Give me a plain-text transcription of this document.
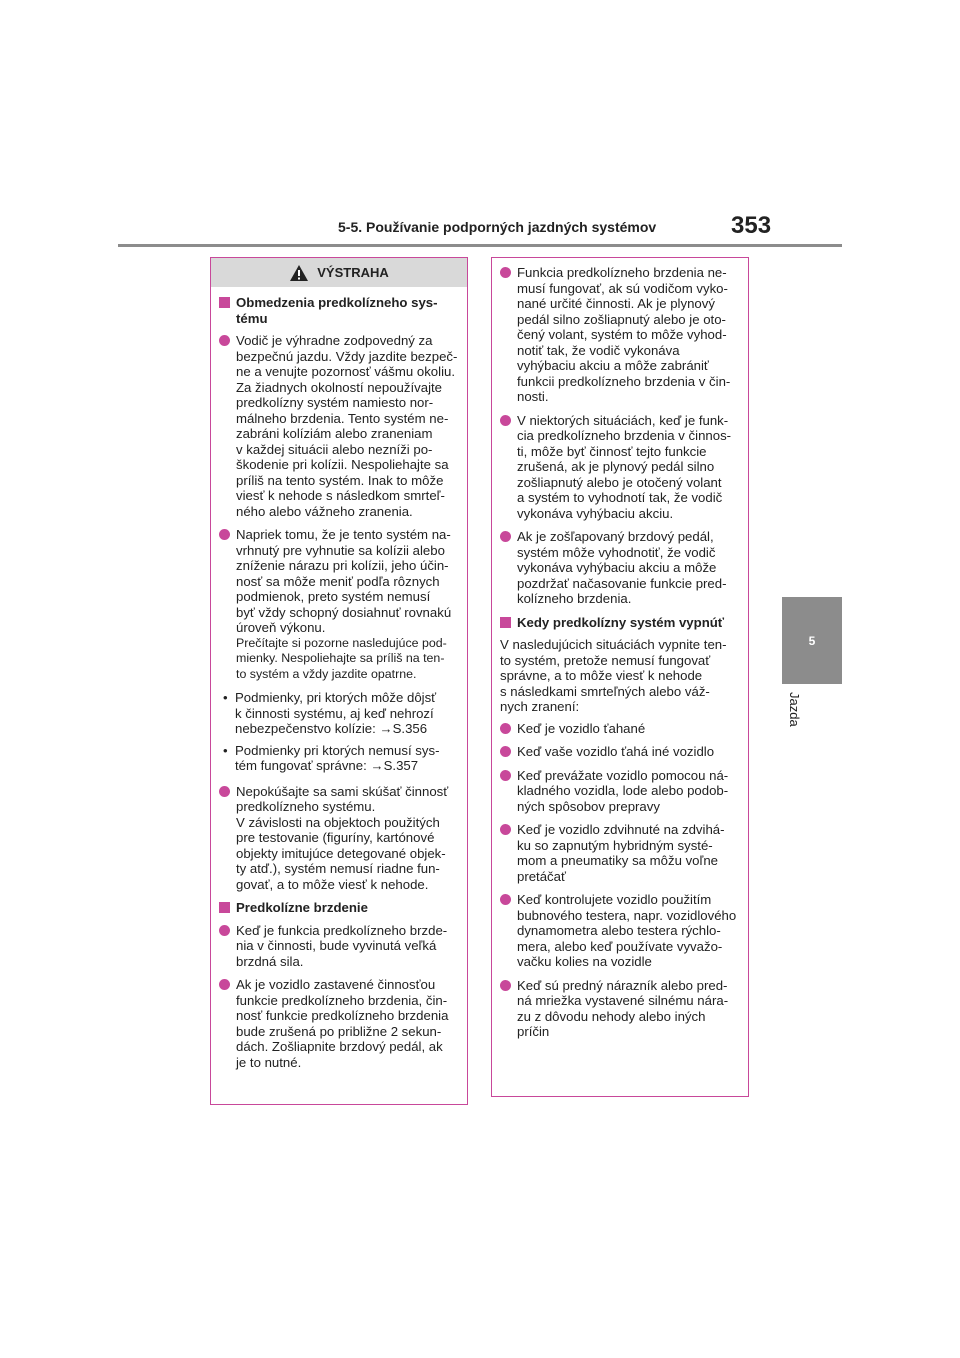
5-5. Používanie podporných jazdných systémov	353
5
Jazda
VÝSTRAHA
Obmedzenia predkolízneho sys-
tému
Vodič je výhradne zodpovedný za
bezpečnú jazdu. Vždy jazdite bezpeč-
ne a venujte pozornosť vášmu okoliu.
Za žiadnych okolností nepoužívajte
predkolízny systém namiesto nor-
málneho brzdenia. Tento systém ne-
zabráni kolíziám alebo zraneniam
v každej situácii alebo nezníži po-
škodenie pri kolízii. Nespoliehajte sa
príliš na tento systém. Inak to môže
viesť k nehode s následkom smrteľ-
ného alebo vážneho zranenia.
Napriek tomu, že je tento systém na-
vrhnutý pre vyhnutie sa kolízii alebo
zníženie nárazu pri kolízii, jeho účin-
nosť sa môže meniť podľa rôznych
podmienok, preto systém nemusí
byť vždy schopný dosiahnuť rovnakú
úroveň výkonu.
Prečítajte si pozorne nasledujúce pod-
mienky. Nespoliehajte sa príliš na ten-
to systém a vždy jazdite opatrne.
• Podmienky, pri ktorých môže dôjsť
k činnosti systému, aj keď nehrozí
nebezpečenstvo kolízie: →S.356
• Podmienky pri ktorých nemusí sys-
tém fungovať správne: →S.357
Nepokúšajte sa sami skúšať činnosť
predkolízneho systému.
V závislosti na objektoch použitých
pre testovanie (figuríny, kartónové
objekty imitujúce detegované objek-
ty atď.), systém nemusí riadne fun-
govať, a to môže viesť k nehode.
Predkolízne brzdenie
Keď je funkcia predkolízneho brzde-
nia v činnosti, bude vyvinutá veľká
brzdná sila.
Ak je vozidlo zastavené činnosťou
funkcie predkolízneho brzdenia, čin-
nosť funkcie predkolízneho brzdenia
bude zrušená po približne 2 sekun-
dách. Zošliapnite brzdový pedál, ak
je to nutné.
Funkcia predkolízneho brzdenia ne-
musí fungovať, ak sú vodičom vyko-
nané určité činnosti. Ak je plynový
pedál silno zošliapnutý alebo je oto-
čený volant, systém to môže vyhod-
notiť tak, že vodič vykonáva
vyhýbaciu akciu a môže zabrániť
funkcii predkolízneho brzdenia v čin-
nosti.
V niektorých situáciách, keď je funk-
cia predkolízneho brzdenia v činnos-
ti, môže byť činnosť tejto funkcie
zrušená, ak je plynový pedál silno
zošliapnutý alebo je otočený volant
a systém to vyhodnotí tak, že vodič
vykonáva vyhýbaciu akciu.
Ak je zošľapovaný brzdový pedál,
systém môže vyhodnotiť, že vodič
vykonáva vyhýbaciu akciu a môže
pozdržať načasovanie funkcie pred-
kolízneho brzdenia.
Kedy predkolízny systém vypnúť
V nasledujúcich situáciách vypnite ten-
to systém, pretože nemusí fungovať
správne, a to môže viesť k nehode
s následkami smrteľných alebo váž-
nych zranení:
Keď je vozidlo ťahané
Keď vaše vozidlo ťahá iné vozidlo
Keď prevážate vozidlo pomocou ná-
kladného vozidla, lode alebo podob-
ných spôsobov prepravy
Keď je vozidlo zdvihnuté na zdvihá-
ku so zapnutým hybridným systé-
mom a pneumatiky sa môžu voľne
pretáčať
Keď kontrolujete vozidlo použitím
bubnového testera, napr. vozidlového
dynamometra alebo testera rýchlo-
mera, alebo keď používate vyvažo-
vačku kolies na vozidle
Keď sú predný nárazník alebo pred-
ná mriežka vystavené silnému nára-
zu z dôvodu nehody alebo iných
príčin
